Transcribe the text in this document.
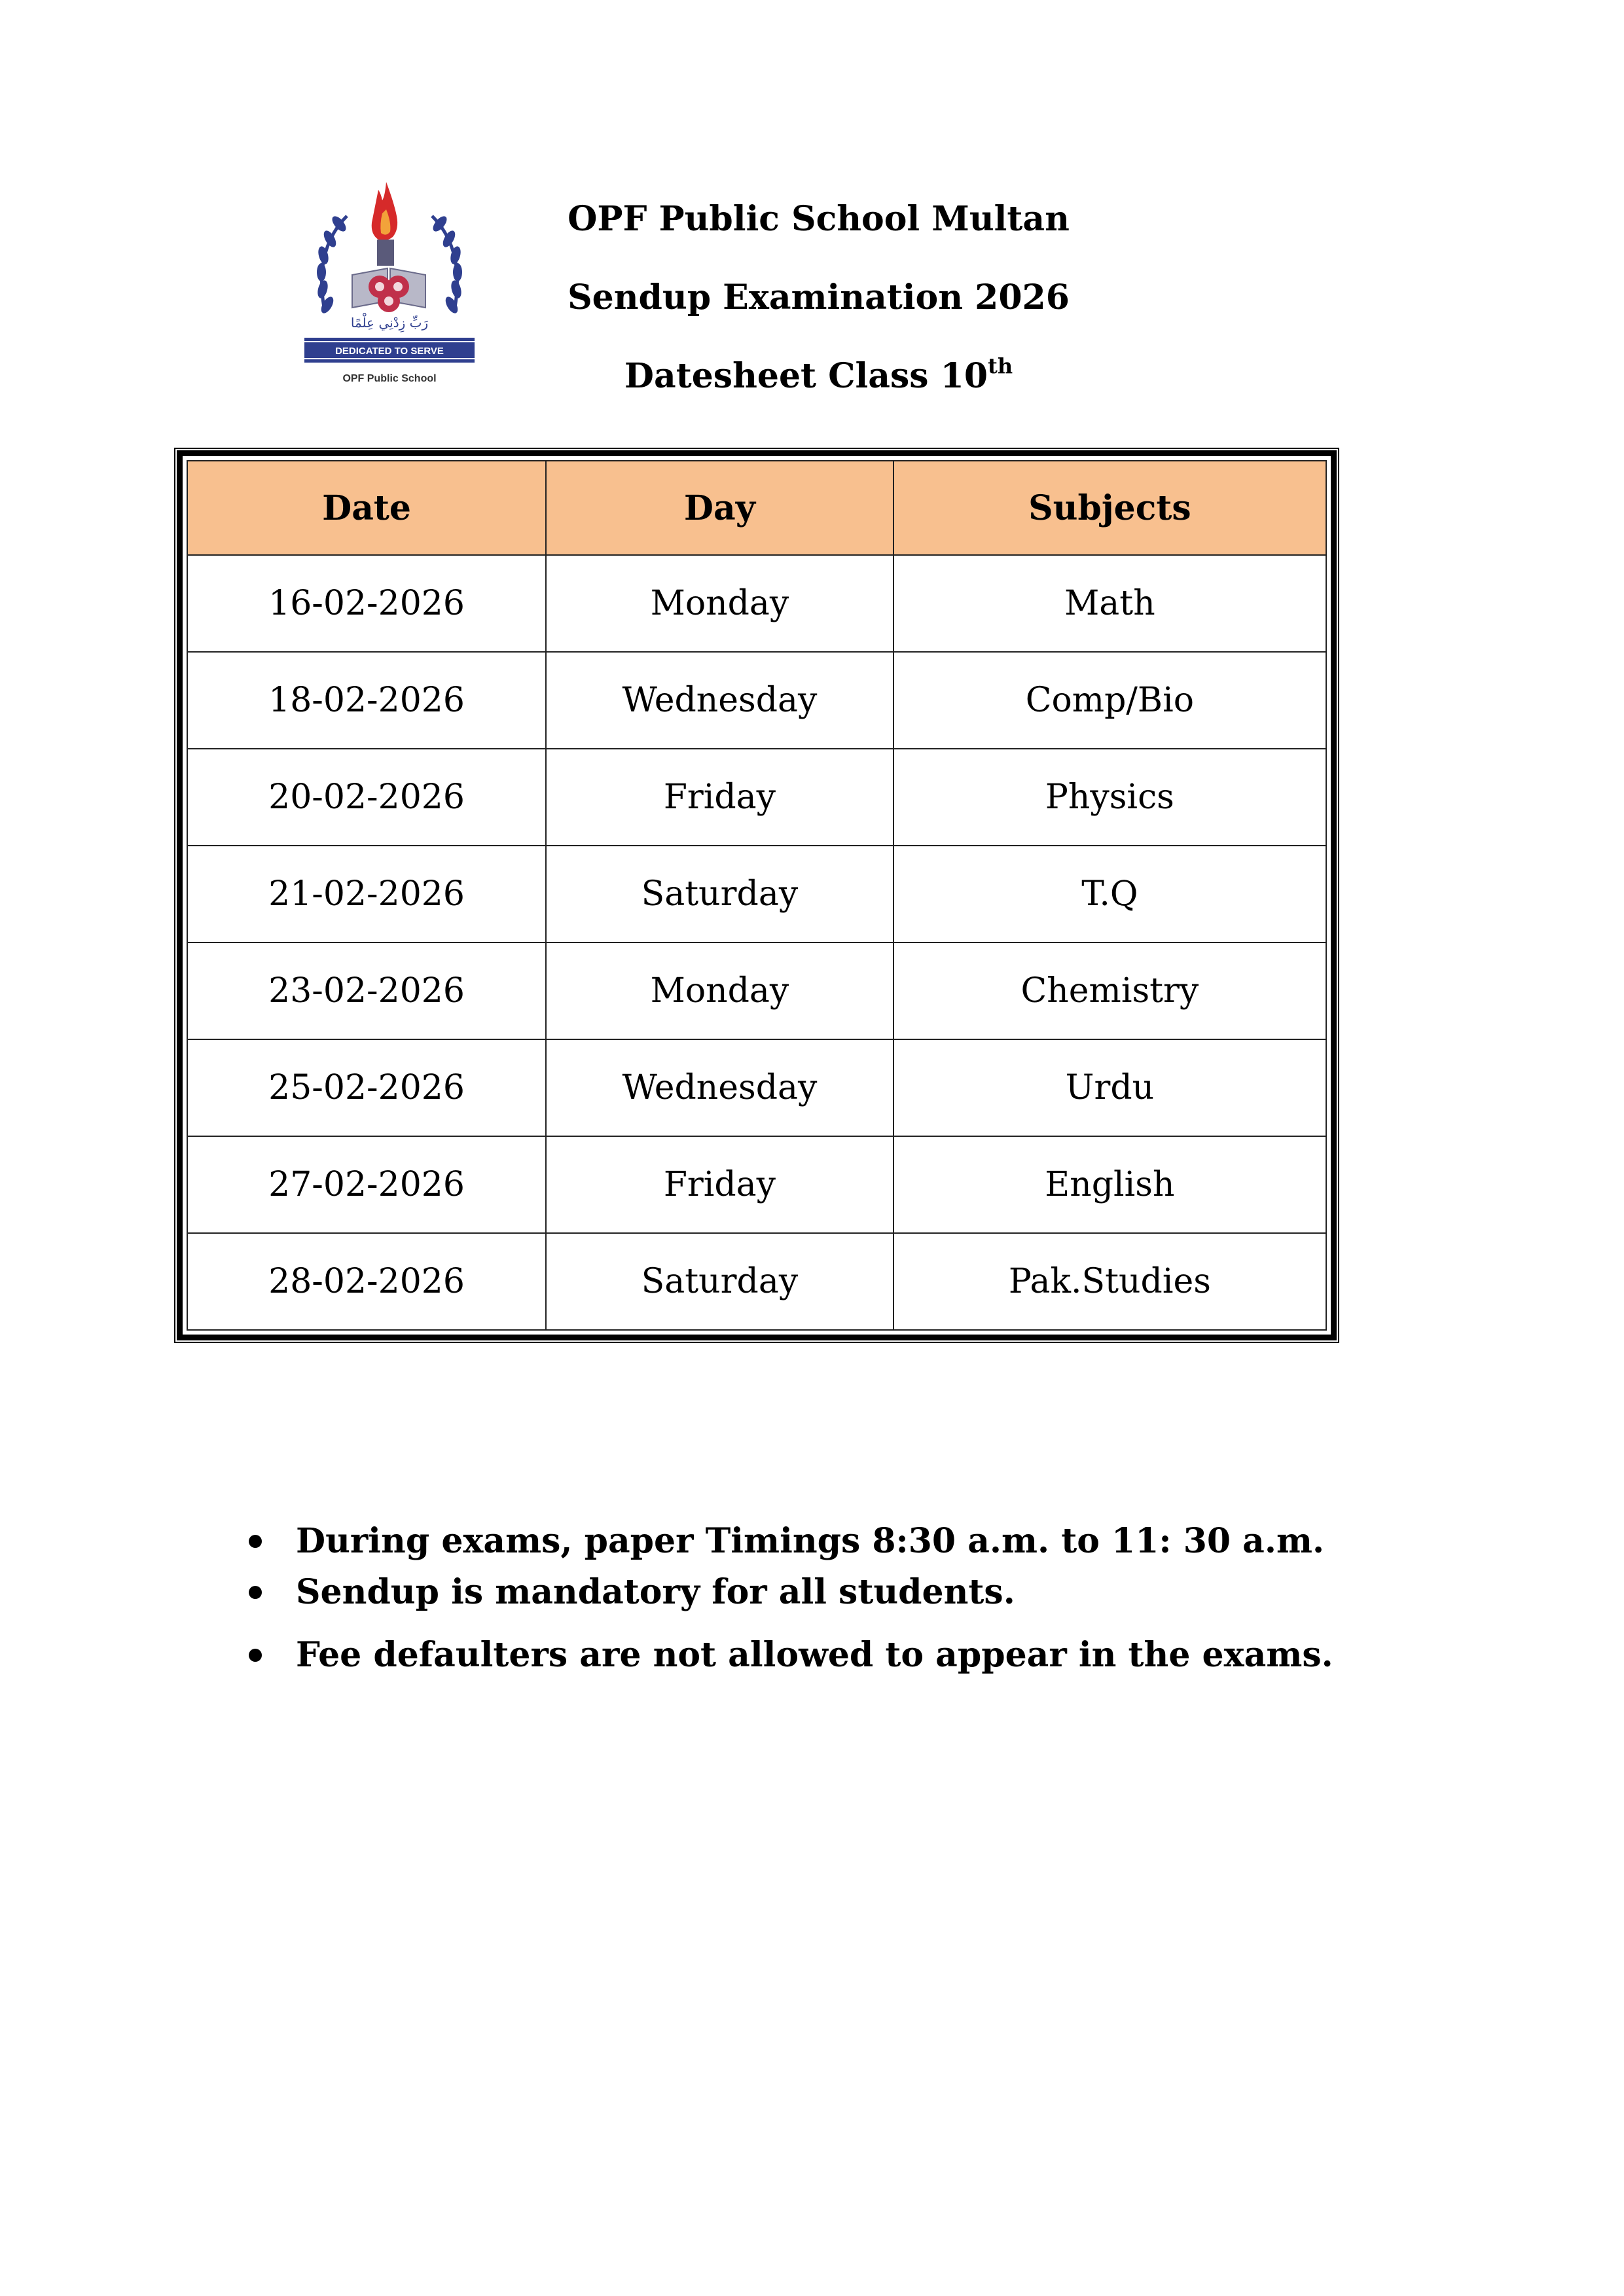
رَبِّ زِدْنِي عِلْمًا
DEDICATED TO SERVE
OPF Public School
OPF Public School Multan
Sendup Examination 2026
Datesheet Class 10th
Date	Day	Subjects
16-02-2026	Monday	Math
18-02-2026	Wednesday	Comp/Bio
20-02-2026	Friday	Physics
21-02-2026	Saturday	T.Q
23-02-2026	Monday	Chemistry
25-02-2026	Wednesday	Urdu
27-02-2026	Friday	English
28-02-2026	Saturday	Pak.Studies
During exams, paper Timings 8:30 a.m. to 11: 30 a.m.
Sendup is mandatory for all students.
Fee defaulters are not allowed to appear in the exams.
